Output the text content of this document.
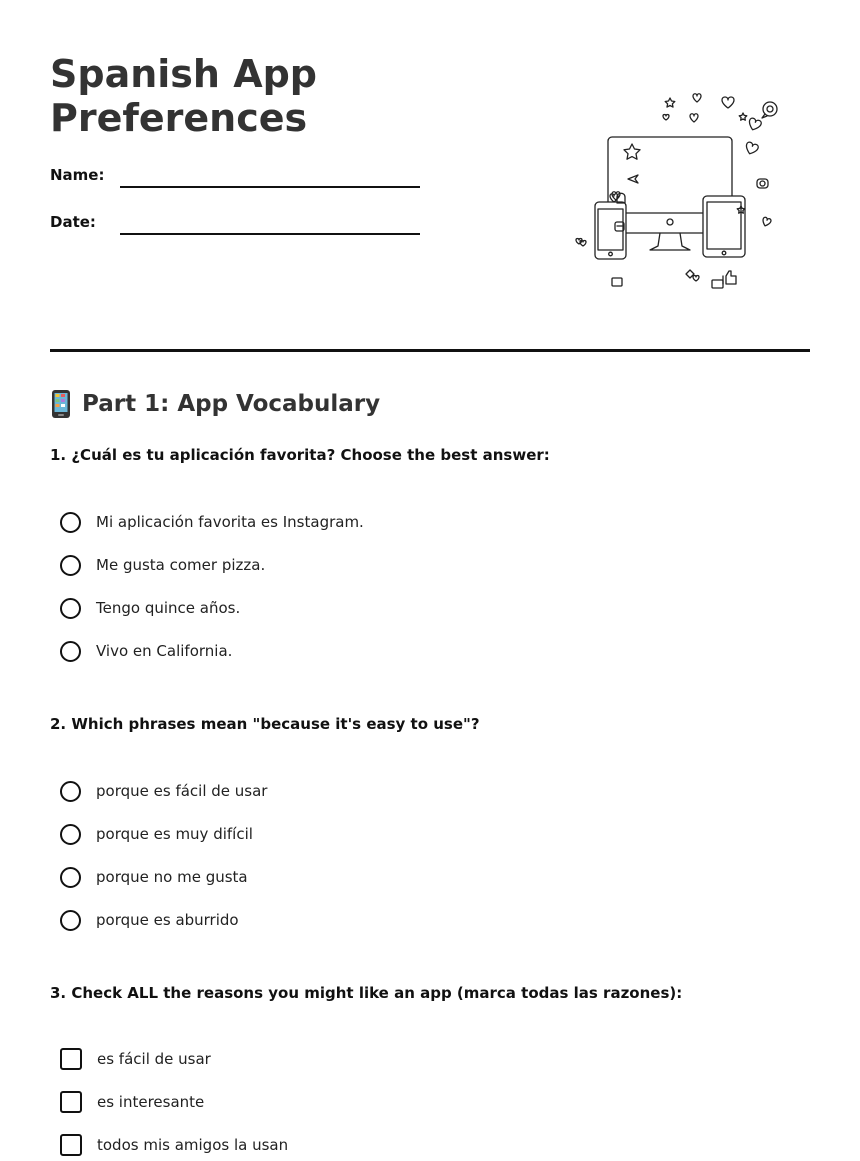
Spanish App
Preferences
Name:
Date:
Part 1: App Vocabulary

1. ¿Cuál es tu aplicación favorita? Choose the best answer:

Mi aplicación favorita es Instagram.
Me gusta comer pizza.
Tengo quince años.
Vivo en California.

2. Which phrases mean "because it's easy to use"?

porque es fácil de usar
porque es muy difícil
porque no me gusta
porque es aburrido

3. Check ALL the reasons you might like an app (marca todas las razones):

es fácil de usar
es interesante
todos mis amigos la usan
